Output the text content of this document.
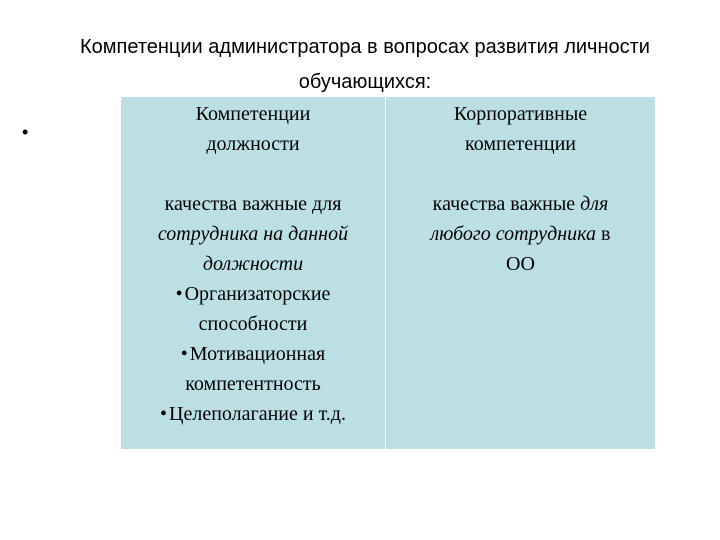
Компетенции администратора в вопросах развития личности
обучающихся:
•
Компетенции
должности
Корпоративные
компетенции
качества важные для
сотрудника на данной
должности
• Организаторские
способности
• Мотивационная
компетентность
• Целеполагание и т.д.
качества важные для
любого сотрудника в
ОО
